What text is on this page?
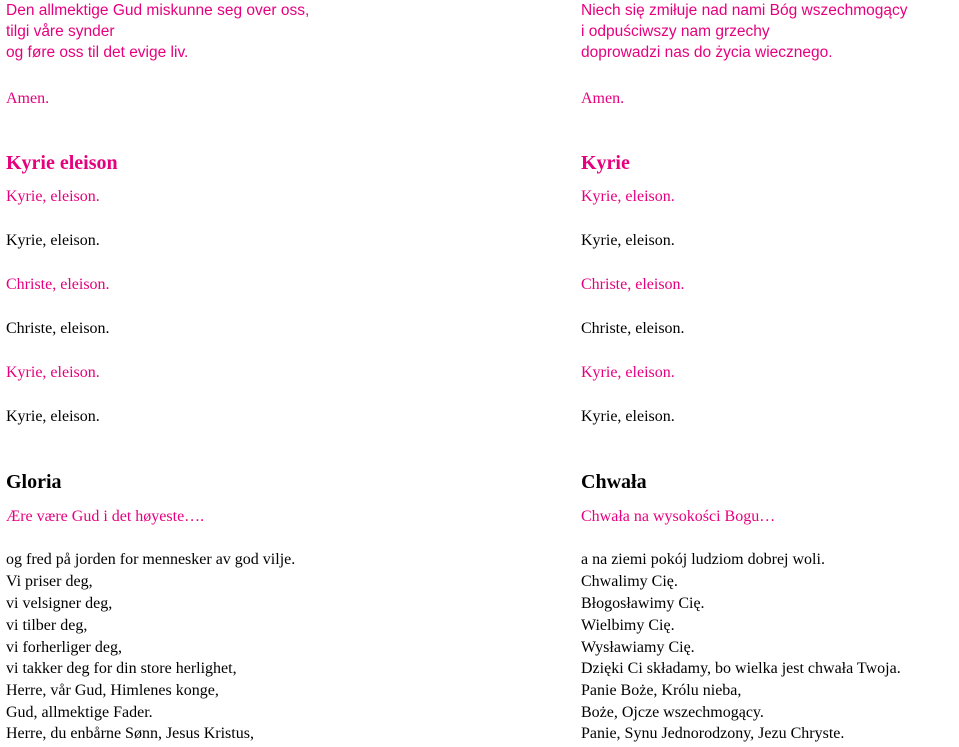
Den allmektige Gud miskunne seg over oss,
tilgi våre synder
og føre oss til det evige liv.
Amen.
Kyrie eleison
Kyrie, eleison.
Kyrie, eleison.
Christe, eleison.
Christe, eleison.
Kyrie, eleison.
Kyrie, eleison.
Gloria
Ære være Gud i det høyeste….
og fred på jorden for mennesker av god vilje.
Vi priser deg,
vi velsigner deg,
vi tilber deg,
vi forherliger deg,
vi takker deg for din store herlighet,
Herre, vår Gud, Himlenes konge,
Gud, allmektige Fader.
Herre, du enbårne Sønn, Jesus Kristus,
Niech się zmiłuje nad nami Bóg wszechmogący
i odpuściwszy nam grzechy
doprowadzi nas do życia wiecznego.
Amen.
Kyrie
Kyrie, eleison.
Kyrie, eleison.
Christe, eleison.
Christe, eleison.
Kyrie, eleison.
Kyrie, eleison.
Chwała
Chwała na wysokości Bogu…
a na ziemi pokój ludziom dobrej woli.
Chwalimy Cię.
Błogosławimy Cię.
Wielbimy Cię.
Wysławiamy Cię.
Dzięki Ci składamy, bo wielka jest chwała Twoja.
Panie Boże, Królu nieba,
Boże, Ojcze wszechmogący.
Panie, Synu Jednorodzony, Jezu Chryste.
